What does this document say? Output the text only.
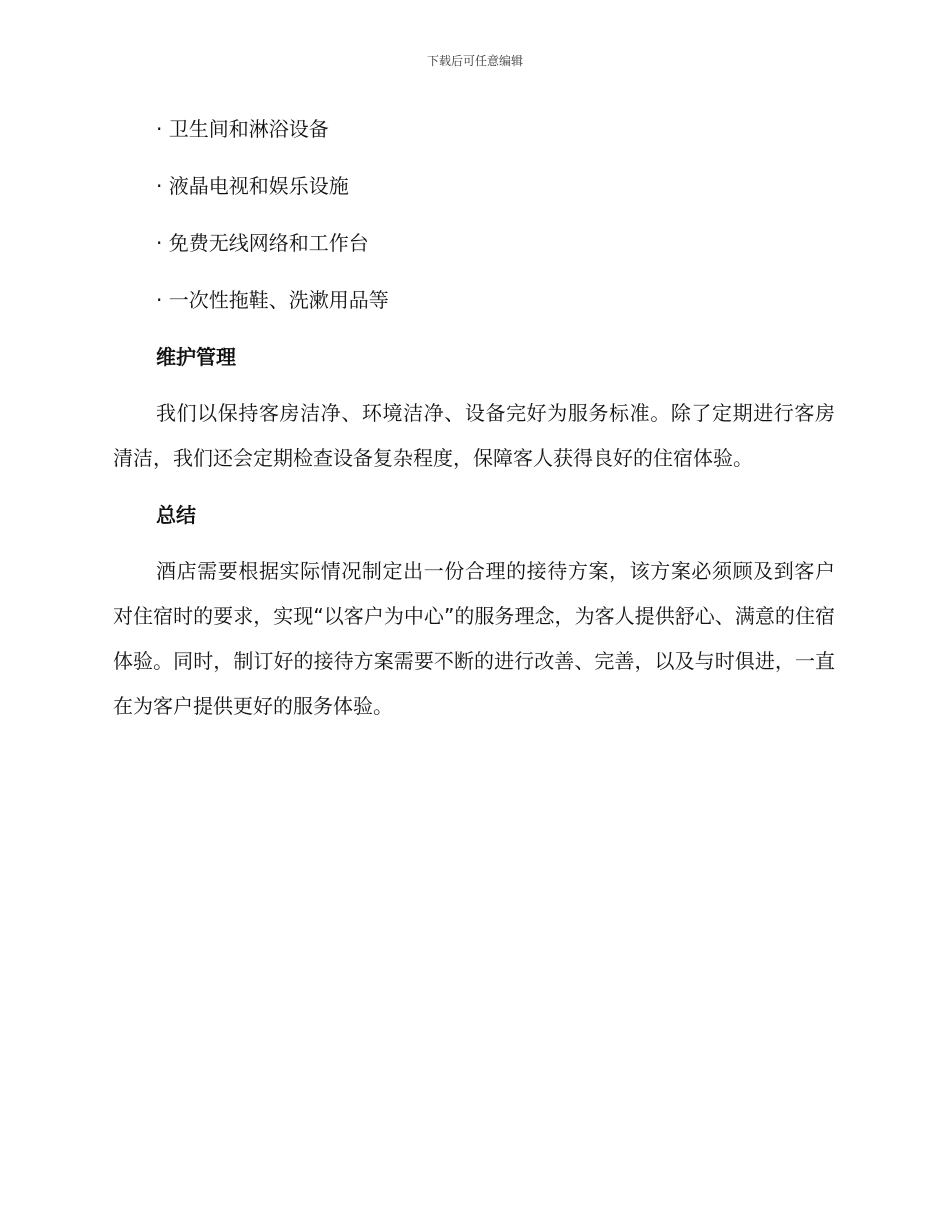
下载后可任意编辑
· 卫生间和淋浴设备
· 液晶电视和娱乐设施
· 免费无线网络和工作台
· 一次性拖鞋、洗漱用品等
维护管理

我们以保持客房洁净、环境洁净、设备完好为服务标准。除了定期进行客房清洁，我们还会定期检查设备复杂程度，保障客人获得良好的住宿体验。

总结

酒店需要根据实际情况制定出一份合理的接待方案，该方案必须顾及到客户对住宿时的要求，实现“以客户为中心”的服务理念，为客人提供舒心、满意的住宿体验。同时，制订好的接待方案需要不断的进行改善、完善，以及与时俱进，一直在为客户提供更好的服务体验。
